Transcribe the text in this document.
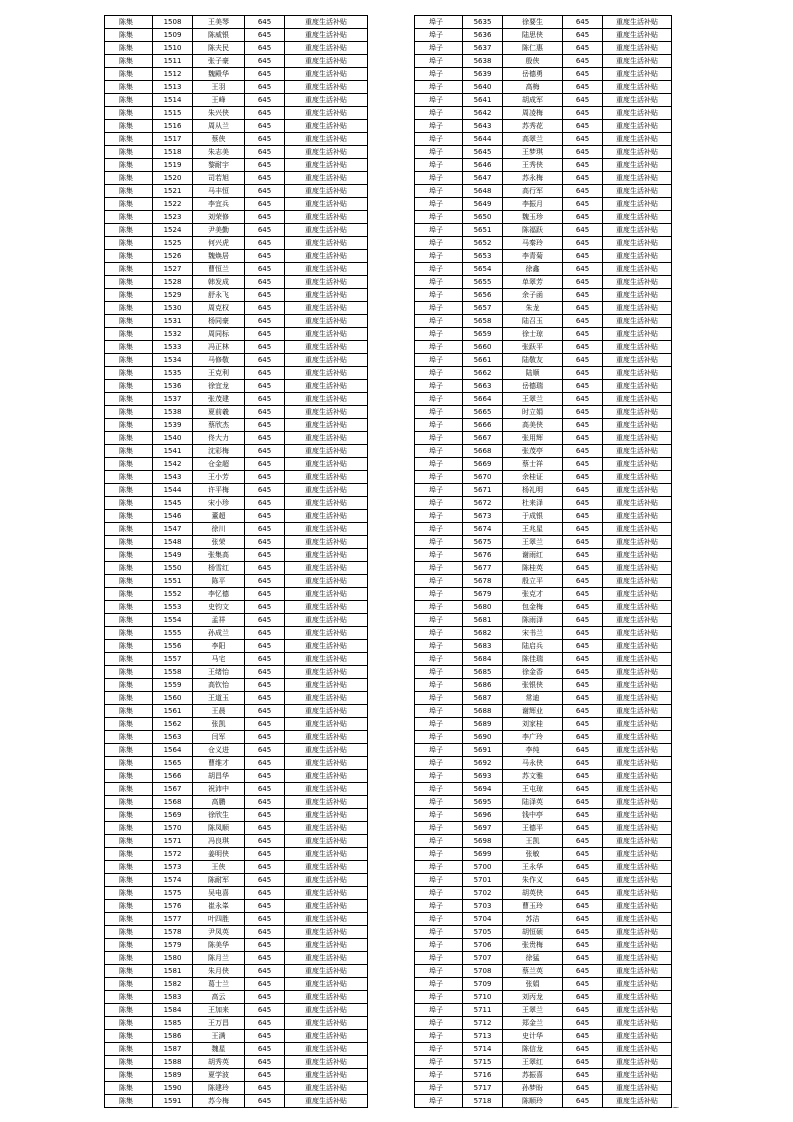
陈集	1508	王美琴	645	重度生活补贴
陈集	1509	陈威银	645	重度生活补贴
陈集	1510	陈夫民	645	重度生活补贴
陈集	1511	张子豪	645	重度生活补贴
陈集	1512	魏殿华	645	重度生活补贴
陈集	1513	王羽	645	重度生活补贴
陈集	1514	王峰	645	重度生活补贴
陈集	1515	朱兴侠	645	重度生活补贴
陈集	1516	周从兰	645	重度生活补贴
陈集	1517	蔡侠	645	重度生活补贴
陈集	1518	朱志美	645	重度生活补贴
陈集	1519	黎耐宇	645	重度生活补贴
陈集	1520	司若旭	645	重度生活补贴
陈集	1521	马丰恒	645	重度生活补贴
陈集	1522	李宜兵	645	重度生活补贴
陈集	1523	刘荣修	645	重度生活补贴
陈集	1524	尹美勤	645	重度生活补贴
陈集	1525	何兴虎	645	重度生活补贴
陈集	1526	魏焕居	645	重度生活补贴
陈集	1527	曹恒兰	645	重度生活补贴
陈集	1528	韩发成	645	重度生活补贴
陈集	1529	舒永飞	645	重度生活补贴
陈集	1530	周克权	645	重度生活补贴
陈集	1531	杨同豪	645	重度生活补贴
陈集	1532	周同标	645	重度生活补贴
陈集	1533	冯正林	645	重度生活补贴
陈集	1534	马修敬	645	重度生活补贴
陈集	1535	王克利	645	重度生活补贴
陈集	1536	徐宜龙	645	重度生活补贴
陈集	1537	张茂建	645	重度生活补贴
陈集	1538	夏前羲	645	重度生活补贴
陈集	1539	蔡欣杰	645	重度生活补贴
陈集	1540	佟大力	645	重度生活补贴
陈集	1541	沈彩梅	645	重度生活补贴
陈集	1542	仓金超	645	重度生活补贴
陈集	1543	王小芳	645	重度生活补贴
陈集	1544	许平梅	645	重度生活补贴
陈集	1545	宋小珍	645	重度生活补贴
陈集	1546	董超	645	重度生活补贴
陈集	1547	徐川	645	重度生活补贴
陈集	1548	张荣	645	重度生活补贴
陈集	1549	张集高	645	重度生活补贴
陈集	1550	杨雪红	645	重度生活补贴
陈集	1551	陈平	645	重度生活补贴
陈集	1552	李忆德	645	重度生活补贴
陈集	1553	史钧文	645	重度生活补贴
陈集	1554	孟祥	645	重度生活补贴
陈集	1555	孙成兰	645	重度生活补贴
陈集	1556	李阳	645	重度生活补贴
陈集	1557	马宅	645	重度生活补贴
陈集	1558	王绪怡	645	重度生活补贴
陈集	1559	高钦怡	645	重度生活补贴
陈集	1560	王道玉	645	重度生活补贴
陈集	1561	王晨	645	重度生活补贴
陈集	1562	张凯	645	重度生活补贴
陈集	1563	闫军	645	重度生活补贴
陈集	1564	仓义进	645	重度生活补贴
陈集	1565	曹维才	645	重度生活补贴
陈集	1566	胡昌华	645	重度生活补贴
陈集	1567	祝沛中	645	重度生活补贴
陈集	1568	高鹏	645	重度生活补贴
陈集	1569	徐欣生	645	重度生活补贴
陈集	1570	陈凤顺	645	重度生活补贴
陈集	1571	冯良琪	645	重度生活补贴
陈集	1572	姜明侠	645	重度生活补贴
陈集	1573	王侠	645	重度生活补贴
陈集	1574	陈耐军	645	重度生活补贴
陈集	1575	吴电喜	645	重度生活补贴
陈集	1576	崔永峯	645	重度生活补贴
陈集	1577	叶四胜	645	重度生活补贴
陈集	1578	尹凤英	645	重度生活补贴
陈集	1579	陈美华	645	重度生活补贴
陈集	1580	陈月兰	645	重度生活补贴
陈集	1581	朱月侠	645	重度生活补贴
陈集	1582	葛士兰	645	重度生活补贴
陈集	1583	高云	645	重度生活补贴
陈集	1584	王加来	645	重度生活补贴
陈集	1585	王万昌	645	重度生活补贴
陈集	1586	王满	645	重度生活补贴
陈集	1587	魏星	645	重度生活补贴
陈集	1588	胡秀英	645	重度生活补贴
陈集	1589	夏学波	645	重度生活补贴
陈集	1590	陈建玲	645	重度生活补贴
陈集	1591	苏今梅	645	重度生活补贴
埠子	5635	徐要生	645	重度生活补贴
埠子	5636	陆思侠	645	重度生活补贴
埠子	5637	陈仁惠	645	重度生活补贴
埠子	5638	殷侠	645	重度生活补贴
埠子	5639	岳德勇	645	重度生活补贴
埠子	5640	高梅	645	重度生活补贴
埠子	5641	胡成军	645	重度生活补贴
埠子	5642	周凌梅	645	重度生活补贴
埠子	5643	苏秀花	645	重度生活补贴
埠子	5644	高翠兰	645	重度生活补贴
埠子	5645	王梦琪	645	重度生活补贴
埠子	5646	王秀侠	645	重度生活补贴
埠子	5647	苏永梅	645	重度生活补贴
埠子	5648	高行军	645	重度生活补贴
埠子	5649	李振月	645	重度生活补贴
埠子	5650	魏玉珍	645	重度生活补贴
埠子	5651	陈福跃	645	重度生活补贴
埠子	5652	马秦玲	645	重度生活补贴
埠子	5653	李青菊	645	重度生活补贴
埠子	5654	徐鑫	645	重度生活补贴
埠子	5655	单翠芳	645	重度生活补贴
埠子	5656	余子函	645	重度生活补贴
埠子	5657	朱龙	645	重度生活补贴
埠子	5658	陆召玉	645	重度生活补贴
埠子	5659	徐士琼	645	重度生活补贴
埠子	5660	张跃平	645	重度生活补贴
埠子	5661	陆敬友	645	重度生活补贴
埠子	5662	陆顺	645	重度生活补贴
埠子	5663	岳德瑞	645	重度生活补贴
埠子	5664	王翠兰	645	重度生活补贴
埠子	5665	时立娟	645	重度生活补贴
埠子	5666	高美侠	645	重度生活补贴
埠子	5667	张用辉	645	重度生活补贴
埠子	5668	张茂亭	645	重度生活补贴
埠子	5669	蔡士祥	645	重度生活补贴
埠子	5670	余桂证	645	重度生活补贴
埠子	5671	杨礼明	645	重度生活补贴
埠子	5672	杜来泽	645	重度生活补贴
埠子	5673	于成银	645	重度生活补贴
埠子	5674	王兆星	645	重度生活补贴
埠子	5675	王翠兰	645	重度生活补贴
埠子	5676	谢雨红	645	重度生活补贴
埠子	5677	陈桂英	645	重度生活补贴
埠子	5678	殷立平	645	重度生活补贴
埠子	5679	张克才	645	重度生活补贴
埠子	5680	包金梅	645	重度生活补贴
埠子	5681	陈雨泽	645	重度生活补贴
埠子	5682	宋书兰	645	重度生活补贴
埠子	5683	陆启兵	645	重度生活补贴
埠子	5684	陈佳瑞	645	重度生活补贴
埠子	5685	徐金香	645	重度生活补贴
埠子	5686	张银侠	645	重度生活补贴
埠子	5687	常迪	645	重度生活补贴
埠子	5688	谢辉业	645	重度生活补贴
埠子	5689	刘家桂	645	重度生活补贴
埠子	5690	李广玲	645	重度生活补贴
埠子	5691	李纯	645	重度生活补贴
埠子	5692	马永侠	645	重度生活补贴
埠子	5693	苏文雅	645	重度生活补贴
埠子	5694	王屯琼	645	重度生活补贴
埠子	5695	陆泽英	645	重度生活补贴
埠子	5696	钱中亭	645	重度生活补贴
埠子	5697	王德平	645	重度生活补贴
埠子	5698	王凯	645	重度生活补贴
埠子	5699	张敏	645	重度生活补贴
埠子	5700	王永华	645	重度生活补贴
埠子	5701	朱作义	645	重度生活补贴
埠子	5702	胡英侠	645	重度生活补贴
埠子	5703	曹玉玲	645	重度生活补贴
埠子	5704	苏洁	645	重度生活补贴
埠子	5705	胡恒硕	645	重度生活补贴
埠子	5706	张贵梅	645	重度生活补贴
埠子	5707	徐猛	645	重度生活补贴
埠子	5708	蔡兰英	645	重度生活补贴
埠子	5709	张娟	645	重度生活补贴
埠子	5710	刘丙龙	645	重度生活补贴
埠子	5711	王翠兰	645	重度生活补贴
埠子	5712	郑金兰	645	重度生活补贴
埠子	5713	史计华	645	重度生活补贴
埠子	5714	陈信龙	645	重度生活补贴
埠子	5715	王翠红	645	重度生活补贴
埠子	5716	苏振喜	645	重度生活补贴
埠子	5717	孙梦盼	645	重度生活补贴
埠子	5718	陈顺玲	645	重度生活补贴
.....
